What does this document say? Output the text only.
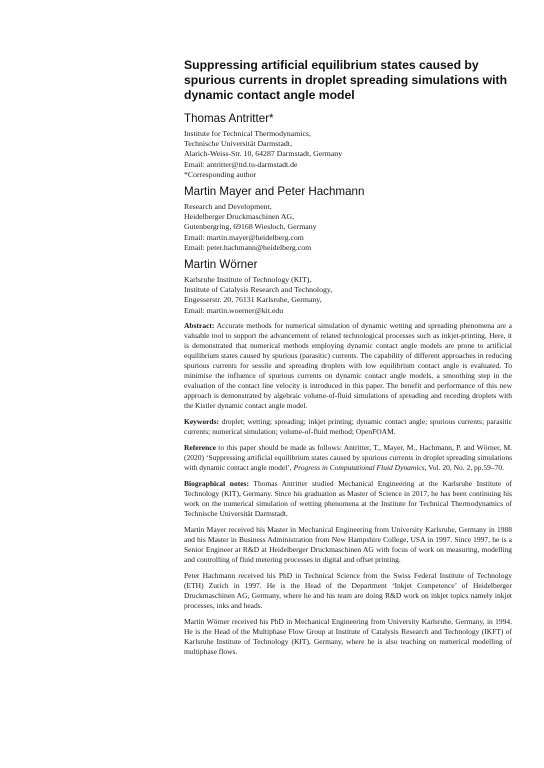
Suppressing artificial equilibrium states caused by spurious currents in droplet spreading simulations with dynamic contact angle model
Thomas Antritter*
Institute for Technical Thermodynamics,
Technische Universität Darmstadt,
Alarich-Weiss-Str. 10, 64287 Darmstadt, Germany
Email: antritter@ttd.tu-darmstadt.de
*Corresponding author
Martin Mayer and Peter Hachmann
Research and Development,
Heidelberger Druckmaschinen AG,
Gutenbergring, 69168 Wiesloch, Germany
Email: martin.mayer@heidelberg.com
Email: peter.hachmann@heidelberg.com
Martin Wörner
Karlsruhe Institute of Technology (KIT),
Institute of Catalysis Research and Technology,
Engesserstr. 20, 76131 Karlsruhe, Germany,
Email: martin.woerner@kit.edu

Abstract: Accurate methods for numerical simulation of dynamic wetting and spreading phenomena are a valuable tool to support the advancement of related technological processes such as inkjet-printing. Here, it is demonstrated that numerical methods employing dynamic contact angle models are prone to artificial equilibrium states caused by spurious (parasitic) currents. The capability of different approaches in reducing spurious currents for sessile and spreading droplets with low equilibrium contact angle is evaluated. To minimise the influence of spurious currents on dynamic contact angle models, a smoothing step in the evaluation of the contact line velocity is introduced in this paper. The benefit and performance of this new approach is demonstrated by algebraic volume-of-fluid simulations of spreading and receding droplets with the Kistler dynamic contact angle model.

Keywords: droplet; wetting; spreading; inkjet printing; dynamic contact angle; spurious currents; parasitic currents; numerical simulation; volume-of-fluid method; OpenFOAM.

Reference to this paper should be made as follows: Antritter, T., Mayer, M., Hachmann, P. and Wörner, M. (2020) ‘Suppressing artificial equilibrium states caused by spurious currents in droplet spreading simulations with dynamic contact angle model’, Progress in Computational Fluid Dynamics, Vol. 20, No. 2, pp.59–70.

Biographical notes: Thomas Antritter studied Mechanical Engineering at the Karlsruhe Institute of Technology (KIT), Germany. Since his graduation as Master of Science in 2017, he has been continuing his work on the numerical simulation of wetting phenomena at the Institute for Technical Thermodynamics of Technische Universität Darmstadt.

Martin Mayer received his Master in Mechanical Engineering from University Karlsruhe, Germany in 1988 and his Master in Business Administration from New Hampshire College, USA in 1997. Since 1997, he is a Senior Engineer at R&D at Heidelberger Druckmaschinen AG with focus of work on measuring, modelling and controlling of fluid metering processes in digital and offset printing.

Peter Hachmann received his PhD in Technical Science from the Swiss Federal Institute of Technology (ETH) Zurich in 1997. He is the Head of the Department ‘Inkjet Competence’ of Heidelberger Druckmaschinen AG, Germany, where he and his team are doing R&D work on inkjet topics namely inkjet processes, inks and heads.

Martin Wörner received his PhD in Mechanical Engineering from University Karlsruhe, Germany, in 1994. He is the Head of the Multiphase Flow Group at Institute of Catalysis Research and Technology (IKFT) of Karlsruhe Institute of Technology (KIT), Germany, where he is also teaching on numerical modelling of multiphase flows.
